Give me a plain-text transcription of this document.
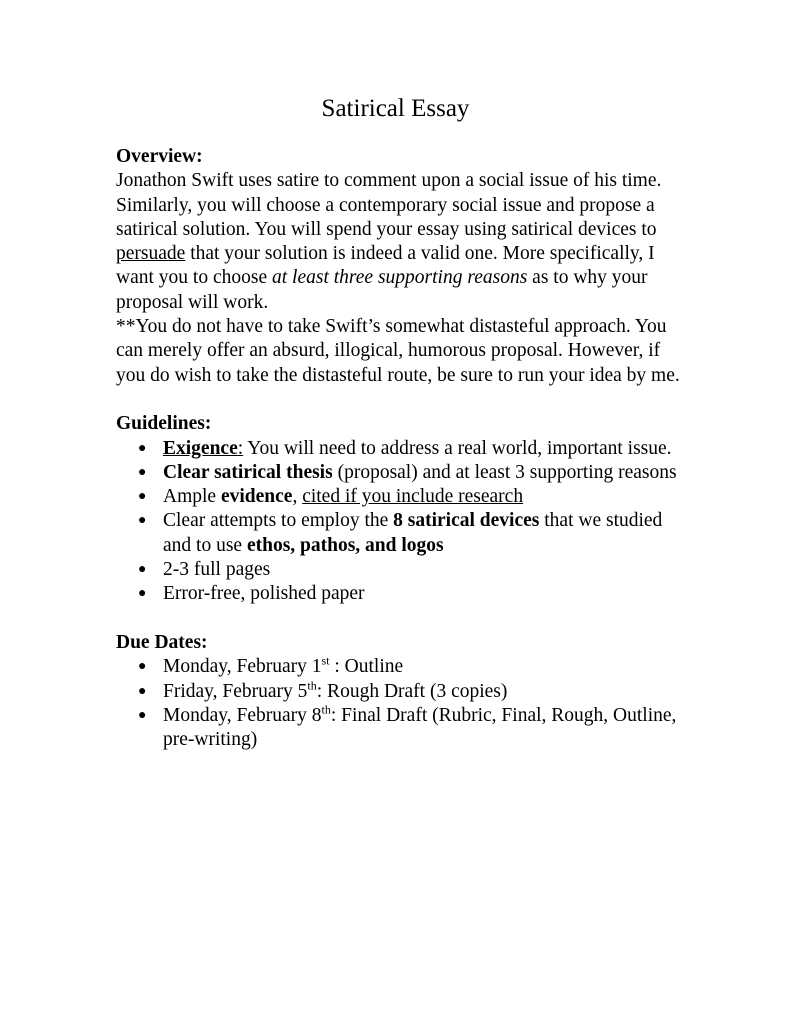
Satirical Essay

Overview:

Jonathon Swift uses satire to comment upon a social issue of his time. Similarly, you will choose a contemporary social issue and propose a satirical solution. You will spend your essay using satirical devices to persuade that your solution is indeed a valid one. More specifically, I want you to choose at least three supporting reasons as to why your proposal will work.

**You do not have to take Swift’s somewhat distasteful approach. You can merely offer an absurd, illogical, humorous proposal. However, if you do wish to take the distasteful route, be sure to run your idea by me.

Guidelines:

● Exigence: You will need to address a real world, important issue.
● Clear satirical thesis (proposal) and at least 3 supporting reasons
● Ample evidence, cited if you include research
● Clear attempts to employ the 8 satirical devices that we studied and to use ethos, pathos, and logos
● 2-3 full pages
● Error-free, polished paper

Due Dates:

● Monday, February 1st : Outline
● Friday, February 5th: Rough Draft (3 copies)
● Monday, February 8th: Final Draft (Rubric, Final, Rough, Outline, pre-writing)
